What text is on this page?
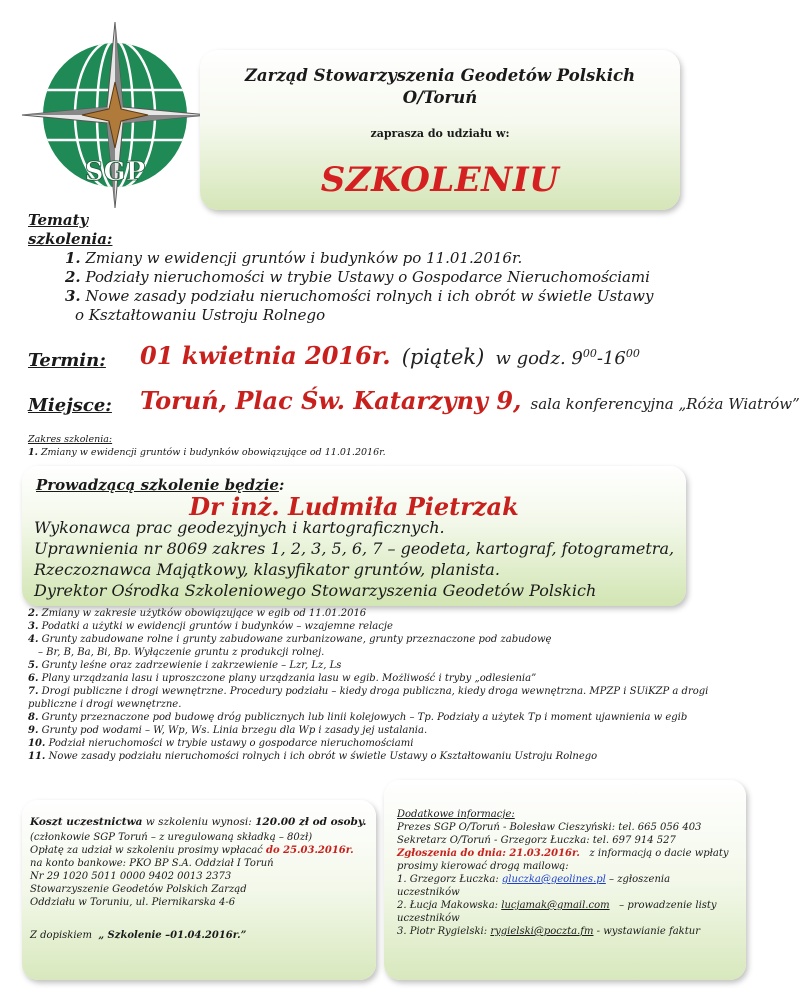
SGP
Zarząd Stowarzyszenia Geodetów Polskich
O/Toruń
zaprasza do udziału w:
SZKOLENIU
Tematy
szkolenia:
1. Zmiany w ewidencji gruntów i budynków po 11.01.2016r.
2. Podziały nieruchomości w trybie Ustawy o Gospodarce Nieruchomościami
3. Nowe zasady podziału nieruchomości rolnych i ich obrót w świetle Ustawy
o Kształtowaniu Ustroju Rolnego
Termin: 01 kwietnia 2016r. (piątek) w godz. $9^{00}-16^{00}$
Miejsce: Toruń, Plac Św. Katarzyny 9, sala konferencyjna „Róża Wiatrów”
Zakres szkolenia:
1. Zmiany w ewidencji gruntów i budynków obowiązujące od 11.01.2016r.
Prowadzącą szkolenie będzie:
Dr inż. Ludmiła Pietrzak
Wykonawca prac geodezyjnych i kartograficznych.
Uprawnienia nr 8069 zakres 1, 2, 3, 5, 6, 7 – geodeta, kartograf, fotogrametra,
Rzeczoznawca Majątkowy, klasyfikator gruntów, planista.
Dyrektor Ośrodka Szkoleniowego Stowarzyszenia Geodetów Polskich
2. Zmiany w zakresie użytków obowiązujące w egib od 11.01.2016
3. Podatki a użytki w ewidencji gruntów i budynków – wzajemne relacje
4. Grunty zabudowane rolne i grunty zabudowane zurbanizowane, grunty przeznaczone pod zabudowę
– Br, B, Ba, Bi, Bp. Wyłączenie gruntu z produkcji rolnej.
5. Grunty leśne oraz zadrzewienie i zakrzewienie – Lzr, Lz, Ls
6. Plany urządzania lasu i uproszczone plany urządzania lasu w egib. Możliwość i tryby „odlesienia”
7. Drogi publiczne i drogi wewnętrzne. Procedury podziału – kiedy droga publiczna, kiedy droga wewnętrzna. MPZP i SUiKZP a drogi
publiczne i drogi wewnętrzne.
8. Grunty przeznaczone pod budowę dróg publicznych lub linii kolejowych – Tp. Podziały a użytek Tp i moment ujawnienia w egib
9. Grunty pod wodami – W, Wp, Ws. Linia brzegu dla Wp i zasady jej ustalania.
10. Podział nieruchomości w trybie ustawy o gospodarce nieruchomościami
11. Nowe zasady podziału nieruchomości rolnych i ich obrót w świetle Ustawy o Kształtowaniu Ustroju Rolnego
Koszt uczestnictwa w szkoleniu wynosi: 120.00 zł od osoby.
(członkowie SGP Toruń – z uregulowaną składką – 80zł)
Opłatę za udział w szkoleniu prosimy wpłacać do 25.03.2016r.
na konto bankowe: PKO BP S.A. Oddział I Toruń
Nr 29 1020 5011 0000 9402 0013 2373
Stowarzyszenie Geodetów Polskich Zarząd
Oddziału w Toruniu, ul. Piernikarska 4-6
Z dopiskiem „ Szkolenie –01.04.2016r.”
Dodatkowe informacje:
Prezes SGP O/Toruń - Bolesław Cieszyński: tel. 665 056 403
Sekretarz O/Toruń - Grzegorz Łuczka: tel. 697 914 527
Zgłoszenia do dnia: 21.03.2016r. z informacją o dacie wpłaty
prosimy kierować drogą mailową:
1. Grzegorz Łuczka: gluczka@geolines.pl – zgłoszenia
uczestników
2. Łucja Makowska: lucjamak@gmail.com – prowadzenie listy
uczestników
3. Piotr Rygielski: rygielski@poczta.fm - wystawianie faktur
